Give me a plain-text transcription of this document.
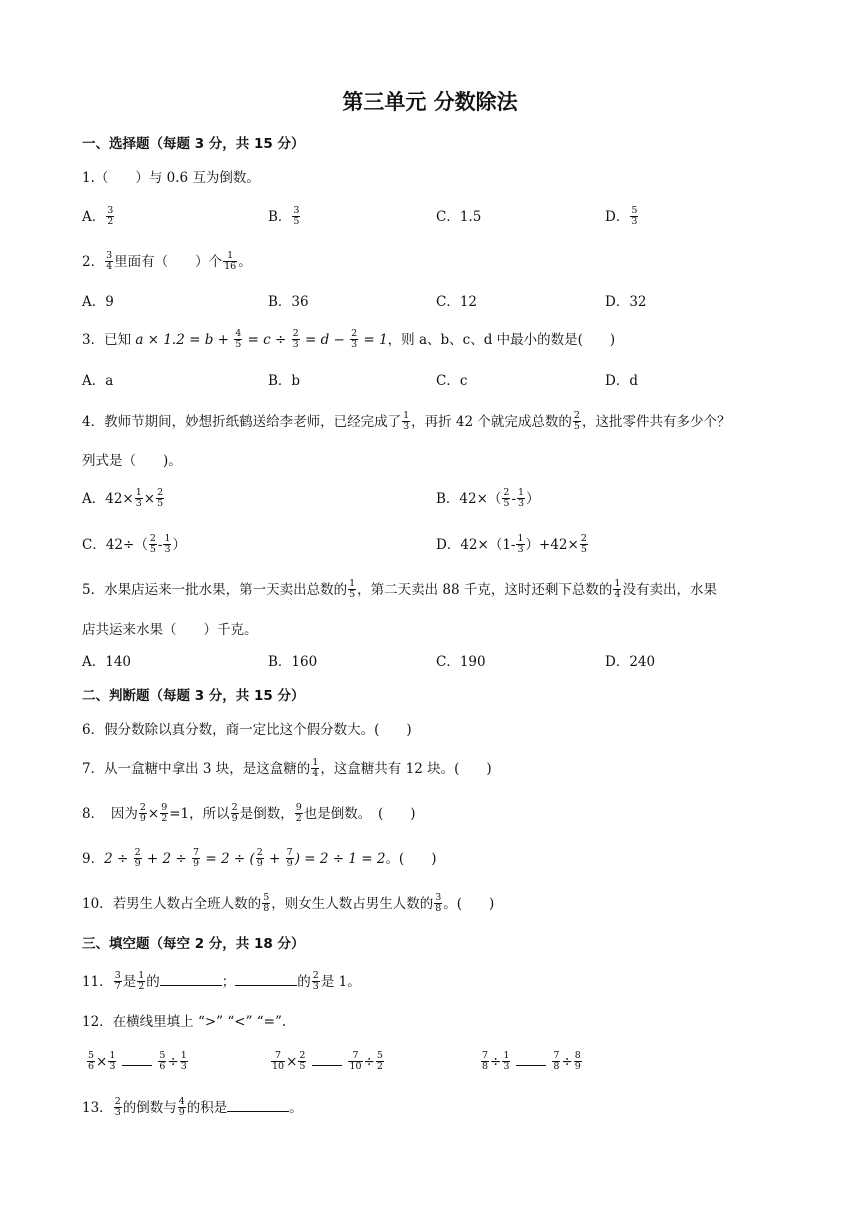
第三单元 分数除法
一、选择题（每题 3 分，共 15 分）
1.（　　）与 0.6 互为倒数。
A． $\frac{3}{2}$	B． $\frac{3}{5}$	C．1.5	D． $\frac{5}{3}$
2． $\frac{3}{4}$ 里面有（　　）个 $\frac{1}{16}$ 。
A．9	B．36	C．12	D．32
3．已知 $a \times 1.2 = b + \frac{4}{5} = c \div \frac{2}{3} = d - \frac{2}{3} = 1$，则 a、b、c、d 中最小的数是(　　)
A．a	B．b	C．c	D．d
4．教师节期间，妙想折纸鹤送给李老师，已经完成了 $\frac{1}{3}$ ，再折 42 个就完成总数的 $\frac{2}{5}$ ，这批零件共有多少个？
列式是（　　)。
A．$42\times \frac{1}{3} \times \frac{2}{5}$	B．$42\times( \frac{2}{5} - \frac{1}{3}$ ）
C．$42\div( \frac{2}{5} - \frac{1}{3}$ ）	D．$42\times(1- \frac{1}{3} )+42\times \frac{2}{5}$
5．水果店运来一批水果，第一天卖出总数的 $\frac{1}{5}$ ，第二天卖出 88 千克，这时还剩下总数的 $\frac{1}{4}$ 没有卖出，水果
店共运来水果（　　）千克。
A．140	B．160	C．190	D．240
二、判断题（每题 3 分，共 15 分）
6．假分数除以真分数，商一定比这个假分数大。(　　)
7．从一盒糖中拿出 3 块，是这盒糖的 $\frac{1}{4}$ ，这盒糖共有 12 块。(　　)
8．　因为 $\frac{2}{9} \times \frac{9}{2} =1$，所以 $\frac{2}{9}$ 是倒数， $\frac{9}{2}$ 也是倒数。　(　　)
9．$2 \div \frac{2}{9} + 2 \div \frac{7}{9} = 2$ ÷ ( $\frac{2}{9} + \frac{7}{9}$ ) = 2 ÷ 1 = 2。(　　)
10．若男生人数占全班人数的 $\frac{5}{8}$ ，则女生人数占男生人数的 $\frac{3}{8}$ 。(　　)
三、填空题（每空 2 分，共 18 分）
11． $\frac{3}{7}$ 是 $\frac{1}{2}$ 的	；	的 $\frac{2}{3}$ 是 1。
12．在横线里填上 “>” “<” “=”.
$\frac{5}{6} \times \frac{1}{3}$	$\frac{5}{6} \div \frac{1}{3}$	$\frac{7}{10} \times \frac{2}{5}$	$\frac{7}{10} \div \frac{5}{2}$	$\frac{7}{8} \div \frac{1}{3}$	$\frac{7}{8} \div \frac{8}{9}$
13． $\frac{2}{3}$ 的倒数与 $\frac{4}{9}$ 的积是	。
